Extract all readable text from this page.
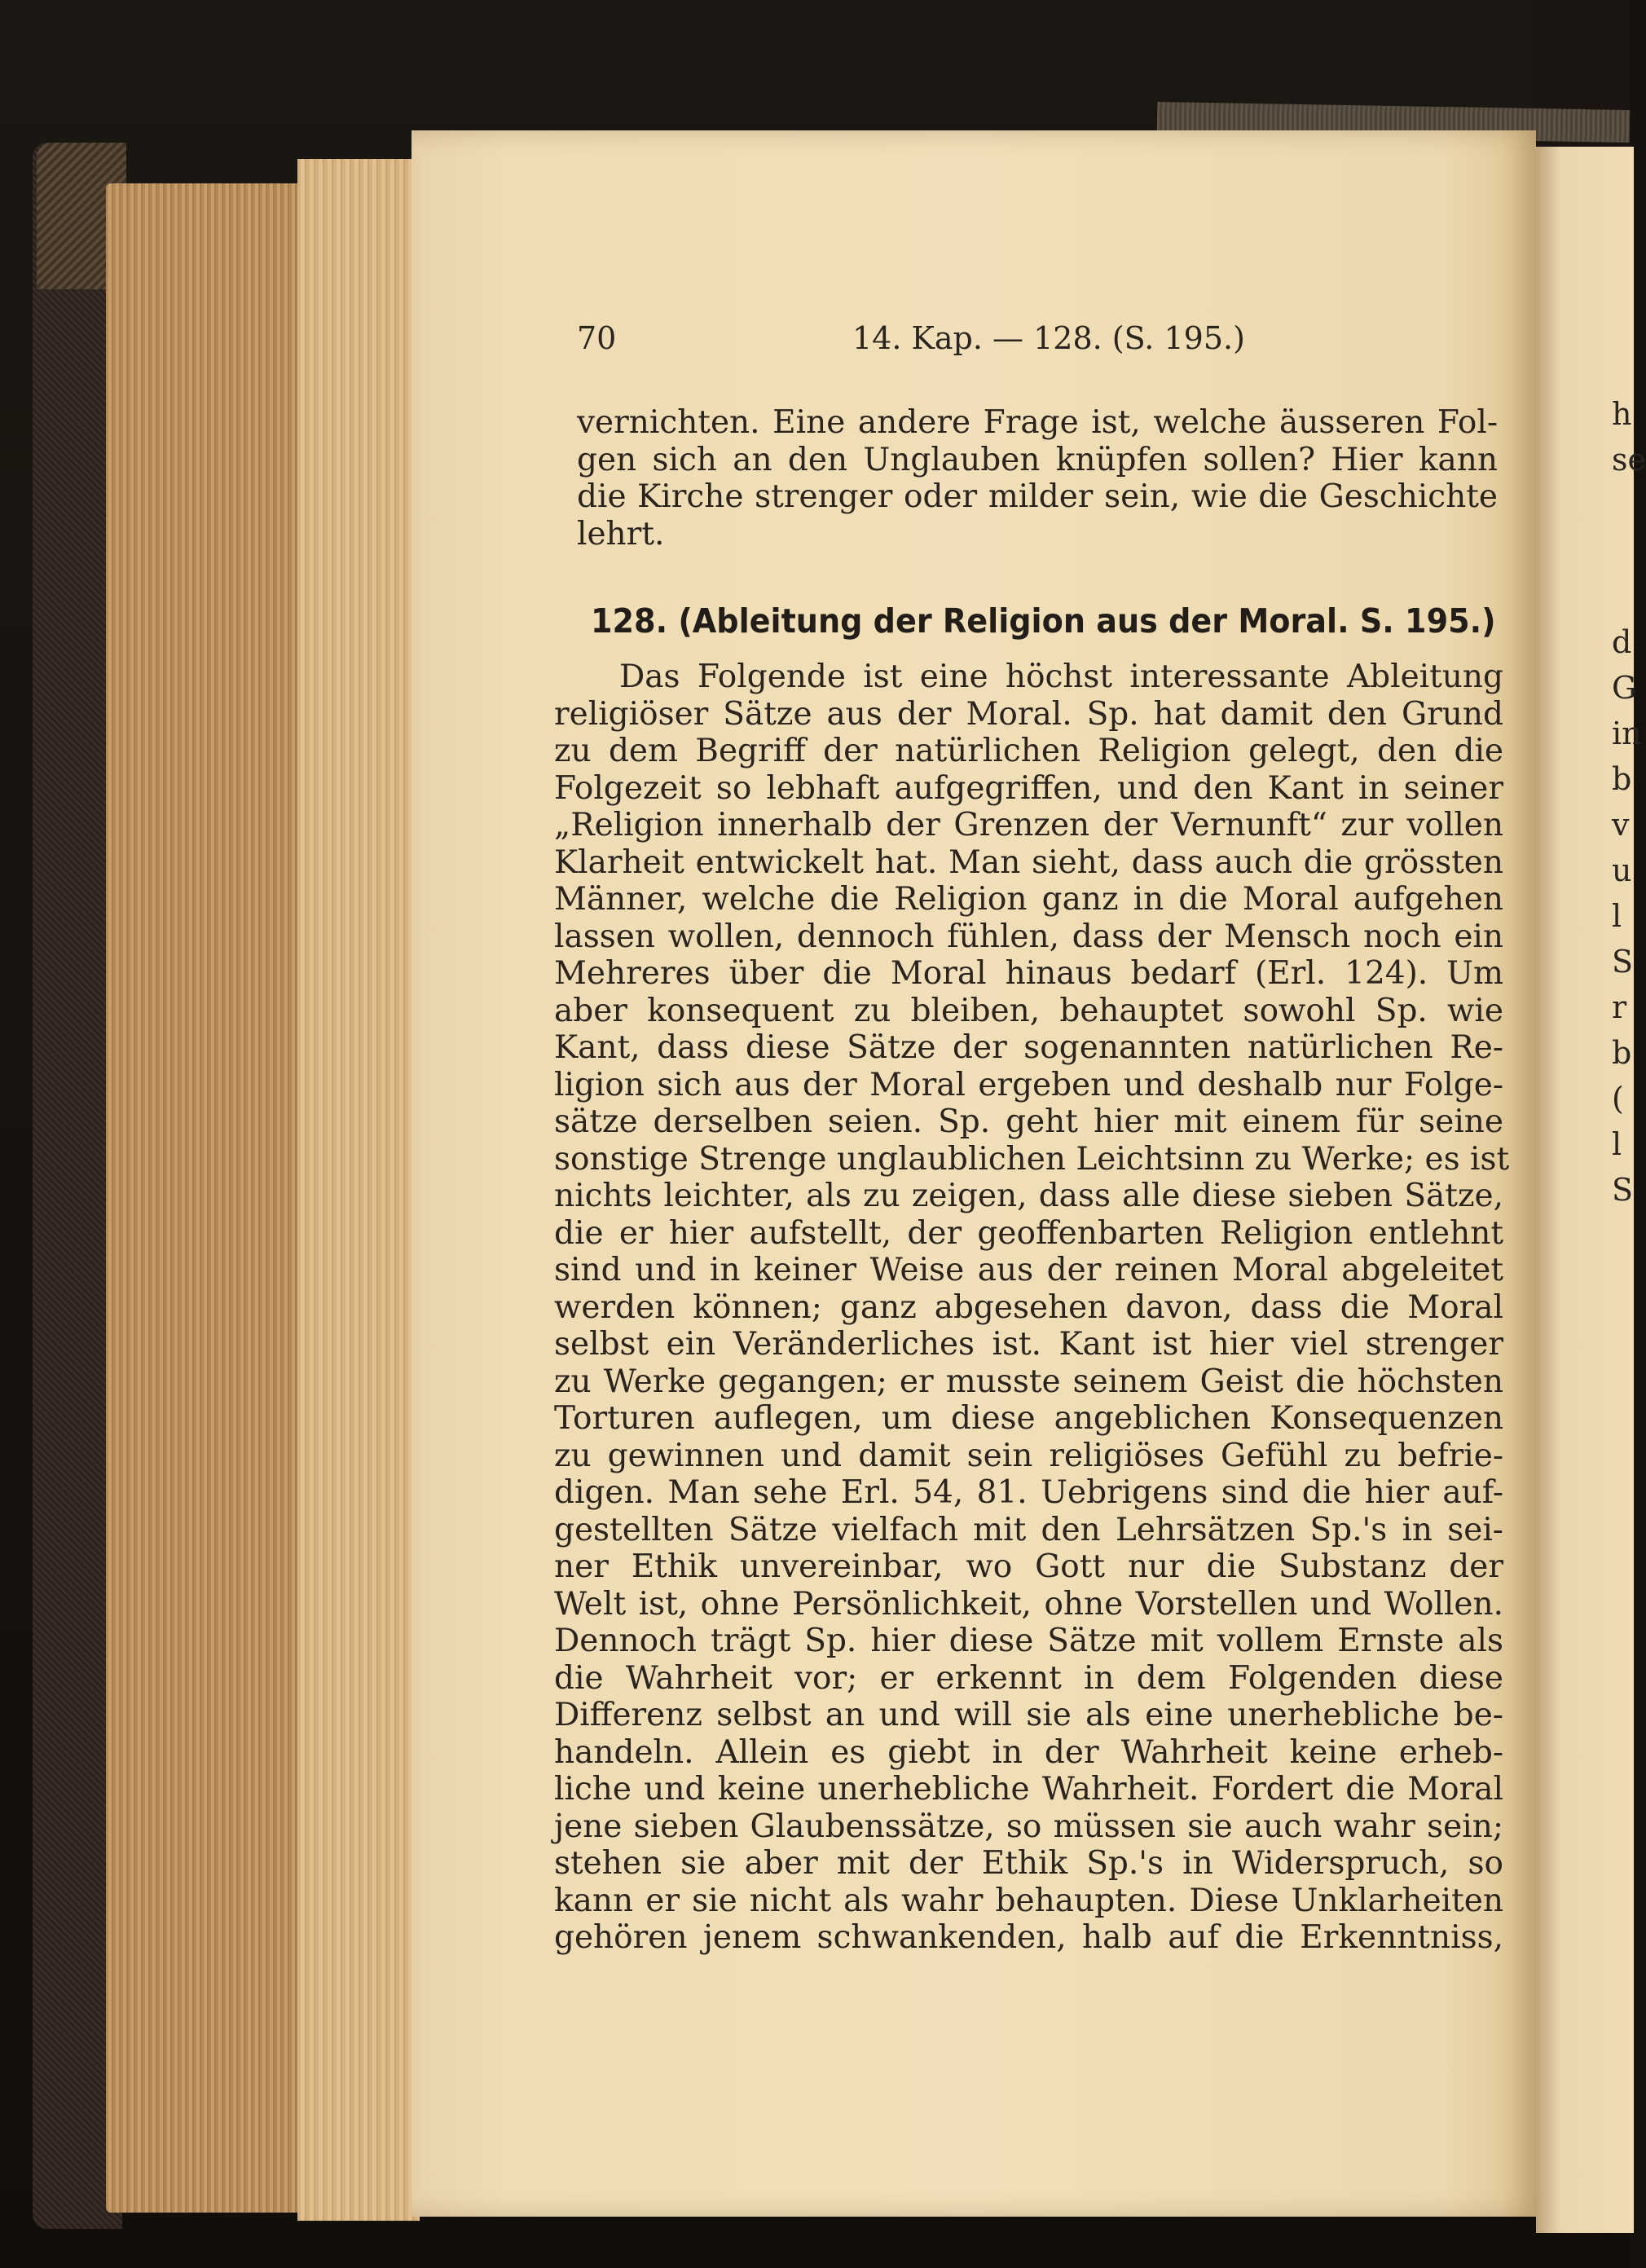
h
se

d
G
in
b
v
u
l
S
r
b
(
l
S
70	14. Kap. — 128. (S. 195.)
vernichten. Eine andere Frage ist, welche äusseren Fol-
gen sich an den Unglauben knüpfen sollen? Hier kann
die Kirche strenger oder milder sein, wie die Geschichte
lehrt.
128. (Ableitung der Religion aus der Moral. S. 195.)
Das Folgende ist eine höchst interessante Ableitung
religiöser Sätze aus der Moral. Sp. hat damit den Grund
zu dem Begriff der natürlichen Religion gelegt, den die
Folgezeit so lebhaft aufgegriffen, und den Kant in seiner
„Religion innerhalb der Grenzen der Vernunft“ zur vollen
Klarheit entwickelt hat. Man sieht, dass auch die grössten
Männer, welche die Religion ganz in die Moral aufgehen
lassen wollen, dennoch fühlen, dass der Mensch noch ein
Mehreres über die Moral hinaus bedarf (Erl. 124). Um
aber konsequent zu bleiben, behauptet sowohl Sp. wie
Kant, dass diese Sätze der sogenannten natürlichen Re-
ligion sich aus der Moral ergeben und deshalb nur Folge-
sätze derselben seien. Sp. geht hier mit einem für seine
sonstige Strenge unglaublichen Leichtsinn zu Werke; es ist
nichts leichter, als zu zeigen, dass alle diese sieben Sätze,
die er hier aufstellt, der geoffenbarten Religion entlehnt
sind und in keiner Weise aus der reinen Moral abgeleitet
werden können; ganz abgesehen davon, dass die Moral
selbst ein Veränderliches ist. Kant ist hier viel strenger
zu Werke gegangen; er musste seinem Geist die höchsten
Torturen auflegen, um diese angeblichen Konsequenzen
zu gewinnen und damit sein religiöses Gefühl zu befrie-
digen. Man sehe Erl. 54, 81. Uebrigens sind die hier auf-
gestellten Sätze vielfach mit den Lehrsätzen Sp.'s in sei-
ner Ethik unvereinbar, wo Gott nur die Substanz der
Welt ist, ohne Persönlichkeit, ohne Vorstellen und Wollen.
Dennoch trägt Sp. hier diese Sätze mit vollem Ernste als
die Wahrheit vor; er erkennt in dem Folgenden diese
Differenz selbst an und will sie als eine unerhebliche be-
handeln. Allein es giebt in der Wahrheit keine erheb-
liche und keine unerhebliche Wahrheit. Fordert die Moral
jene sieben Glaubenssätze, so müssen sie auch wahr sein;
stehen sie aber mit der Ethik Sp.'s in Widerspruch, so
kann er sie nicht als wahr behaupten. Diese Unklarheiten
gehören jenem schwankenden, halb auf die Erkenntniss,
